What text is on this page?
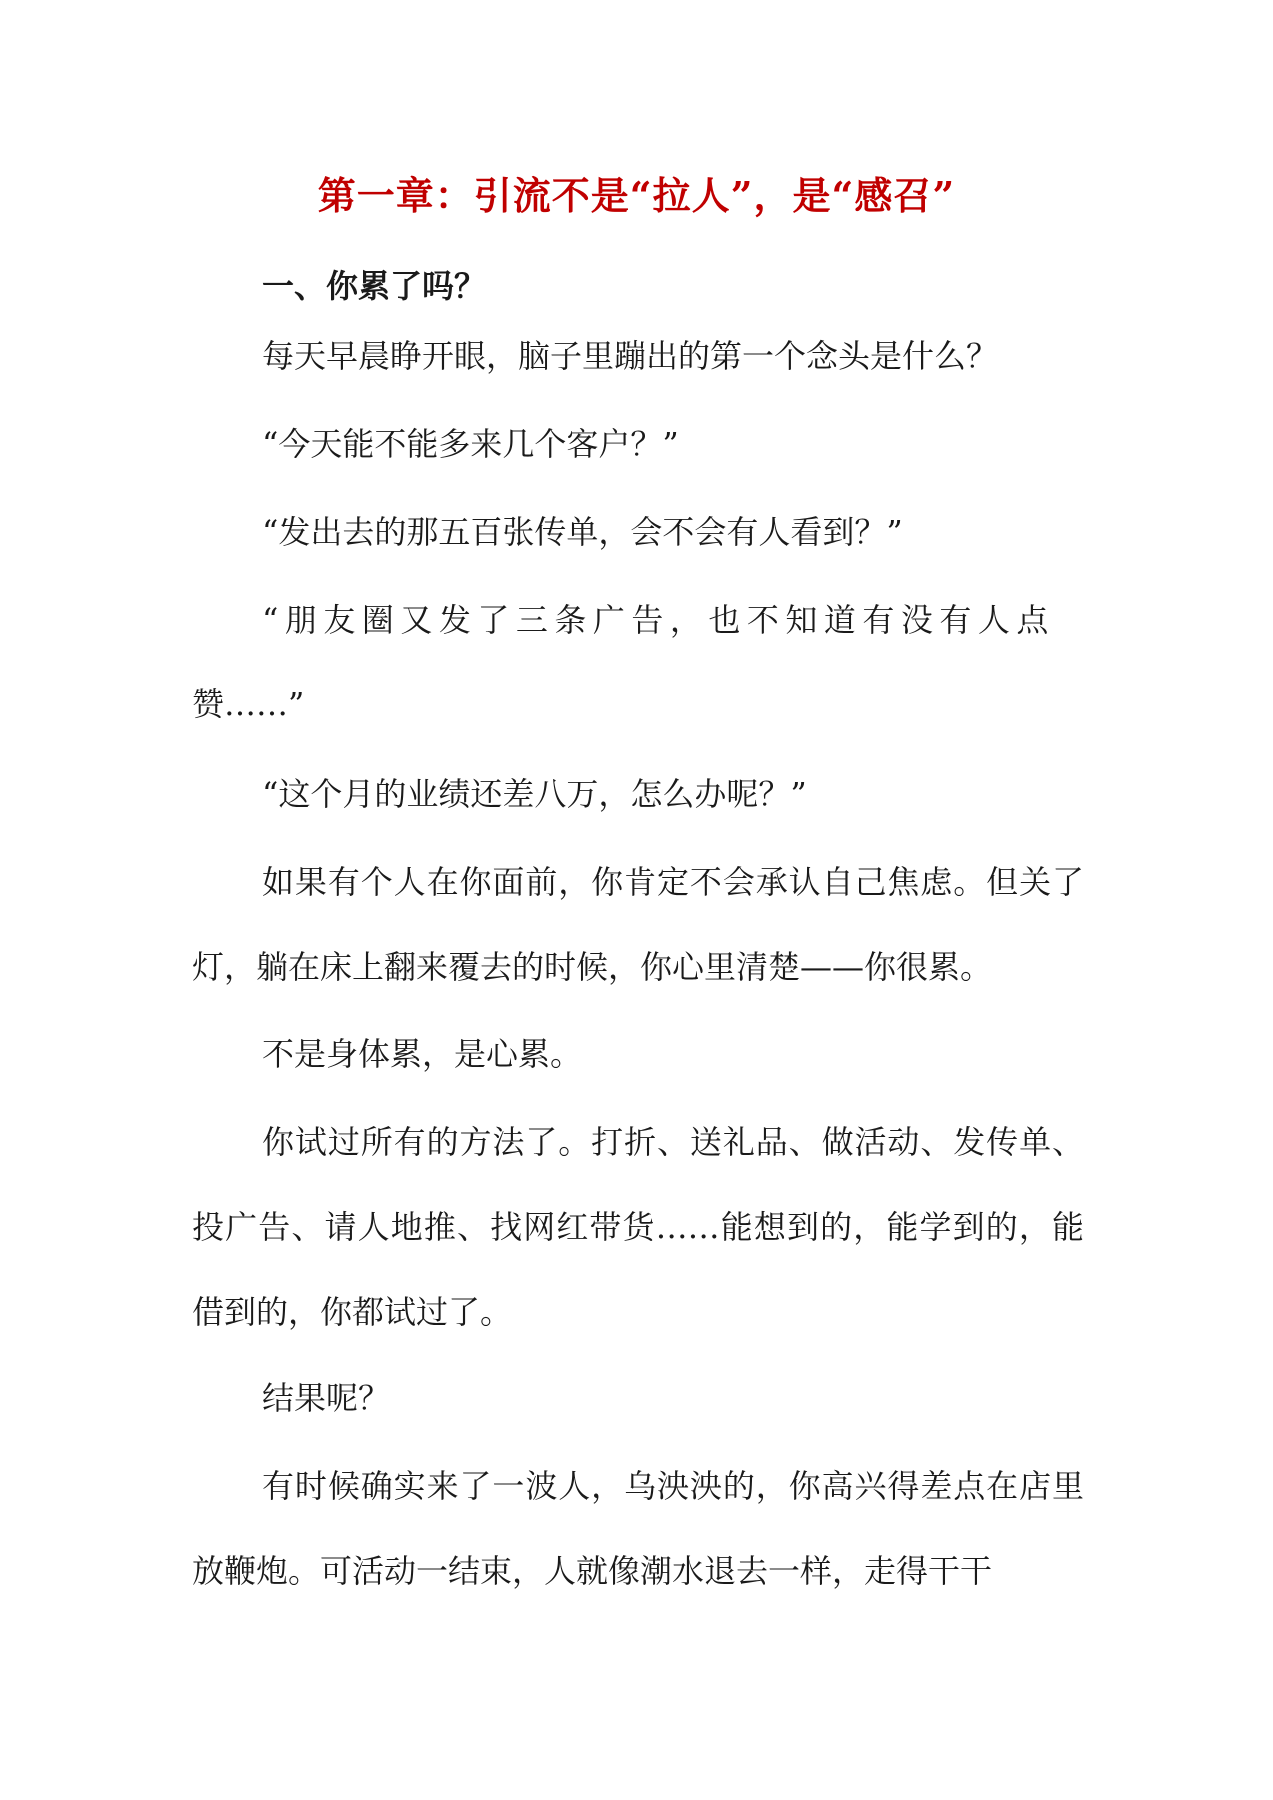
第一章：引流不是“拉人”，是“感召”
一、你累了吗？
每天早晨睁开眼，脑子里蹦出的第一个念头是什么？
“今天能不能多来几个客户？”
“发出去的那五百张传单，会不会有人看到？”
“朋友圈又发了三条广告，也不知道有没有人点
赞……”
“这个月的业绩还差八万，怎么办呢？”

如果有个人在你面前，你肯定不会承认自己焦虑。但关了灯，躺在床上翻来覆去的时候，你心里清楚——你很累。

不是身体累，是心累。

你试过所有的方法了。打折、送礼品、做活动、发传单、投广告、请人地推、找网红带货……能想到的，能学到的，能借到的，你都试过了。

结果呢？

有时候确实来了一波人，乌泱泱的，你高兴得差点在店里放鞭炮。可活动一结束，人就像潮水退去一样，走得干干
